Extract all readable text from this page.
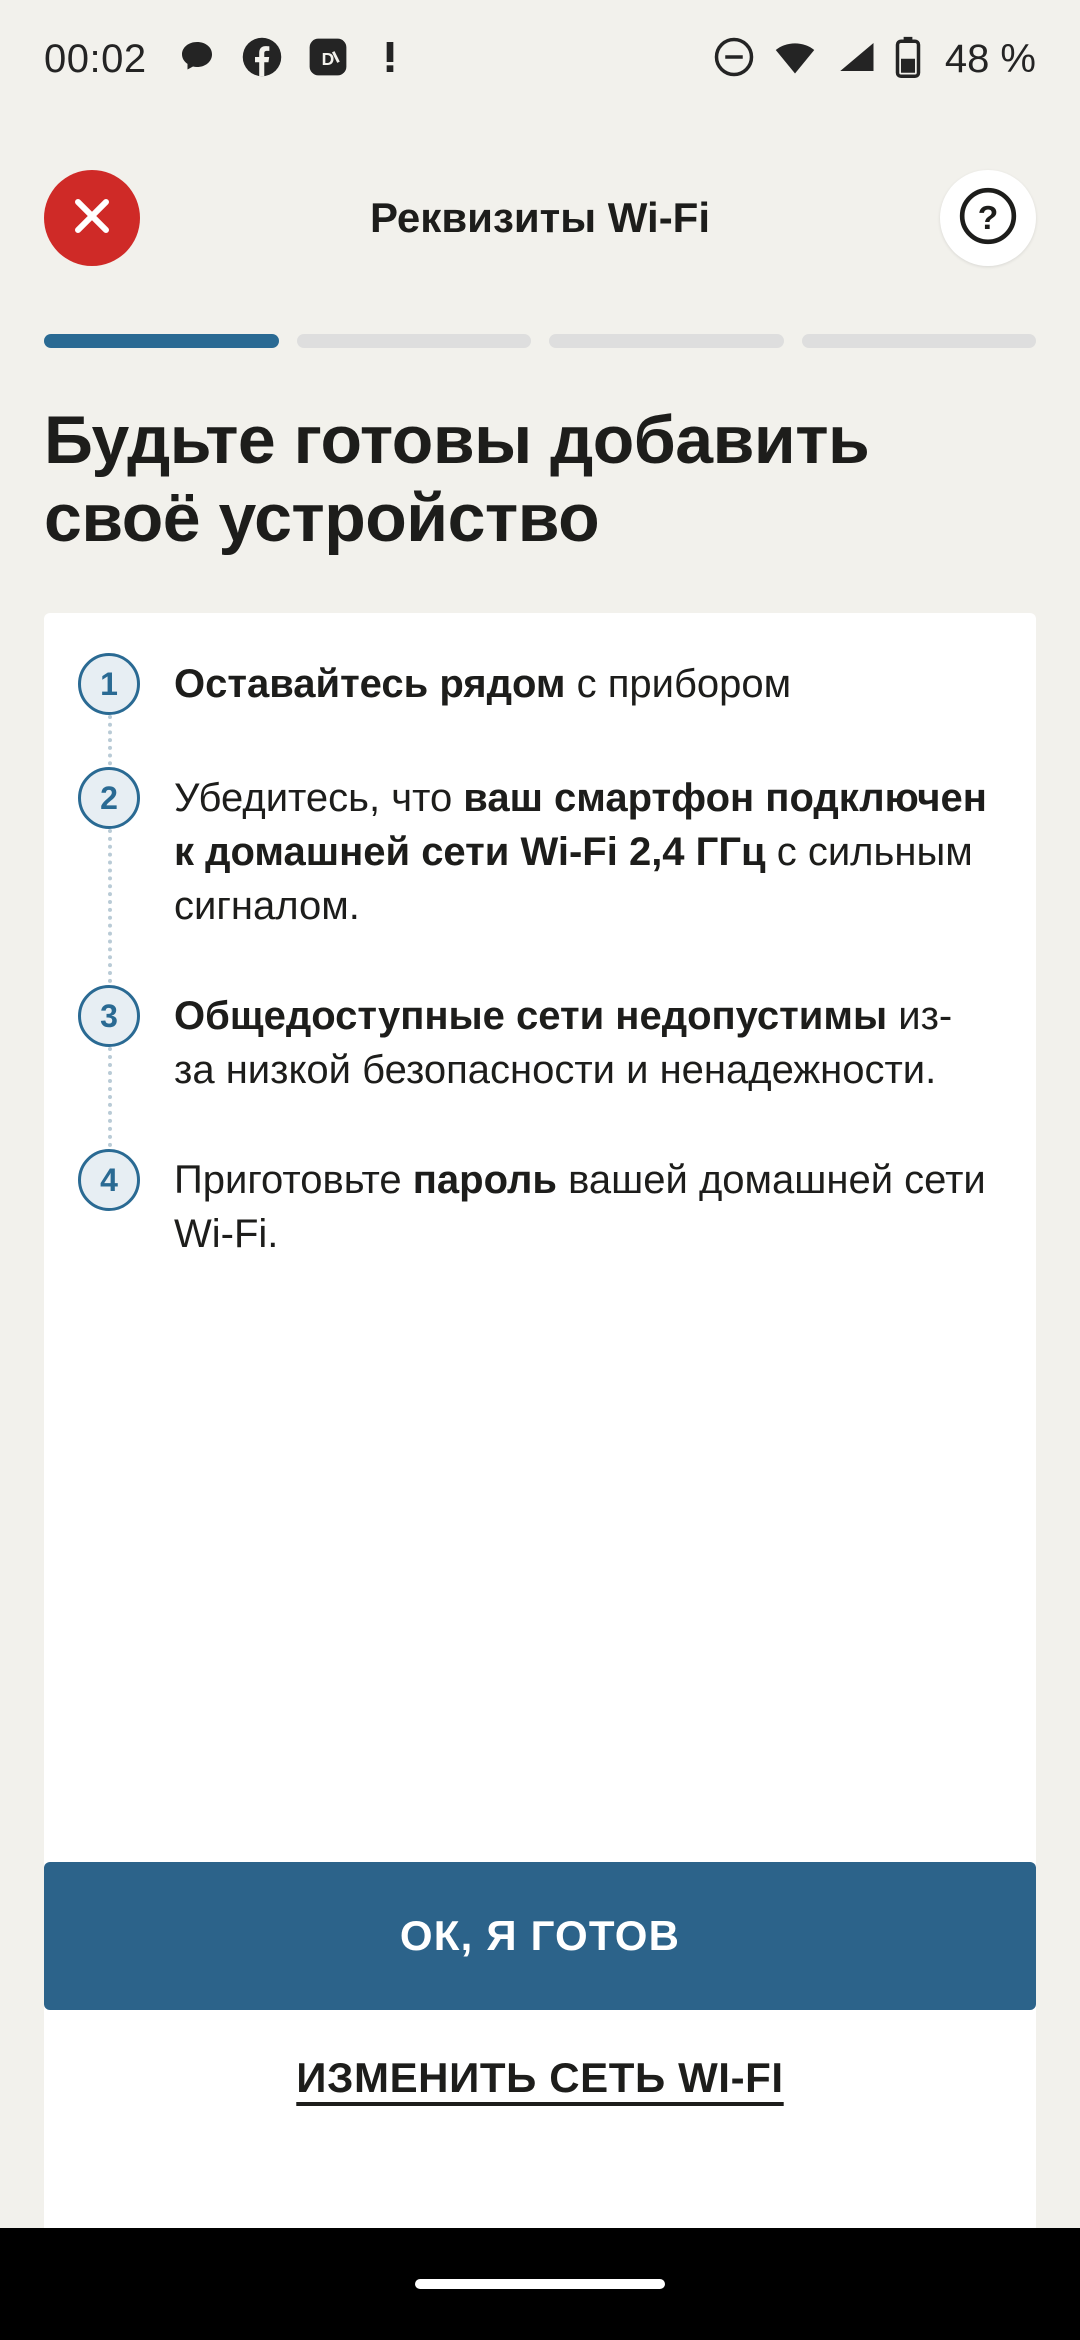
00:02	D	48 %
Реквизиты Wi-Fi	?
Будьте готовы добавить своё устройство
1	Оставайтесь рядом с прибором
2	Убедитесь, что ваш смартфон подключен к домашней сети Wi-Fi 2,4 ГГц с сильным сигналом.
3	Общедоступные сети недопустимы из-за низкой безопасности и ненадежности.
4	Приготовьте пароль вашей домашней сети Wi-Fi.
ОК, Я ГОТОВ
ИЗМЕНИТЬ СЕТЬ WI-FI
